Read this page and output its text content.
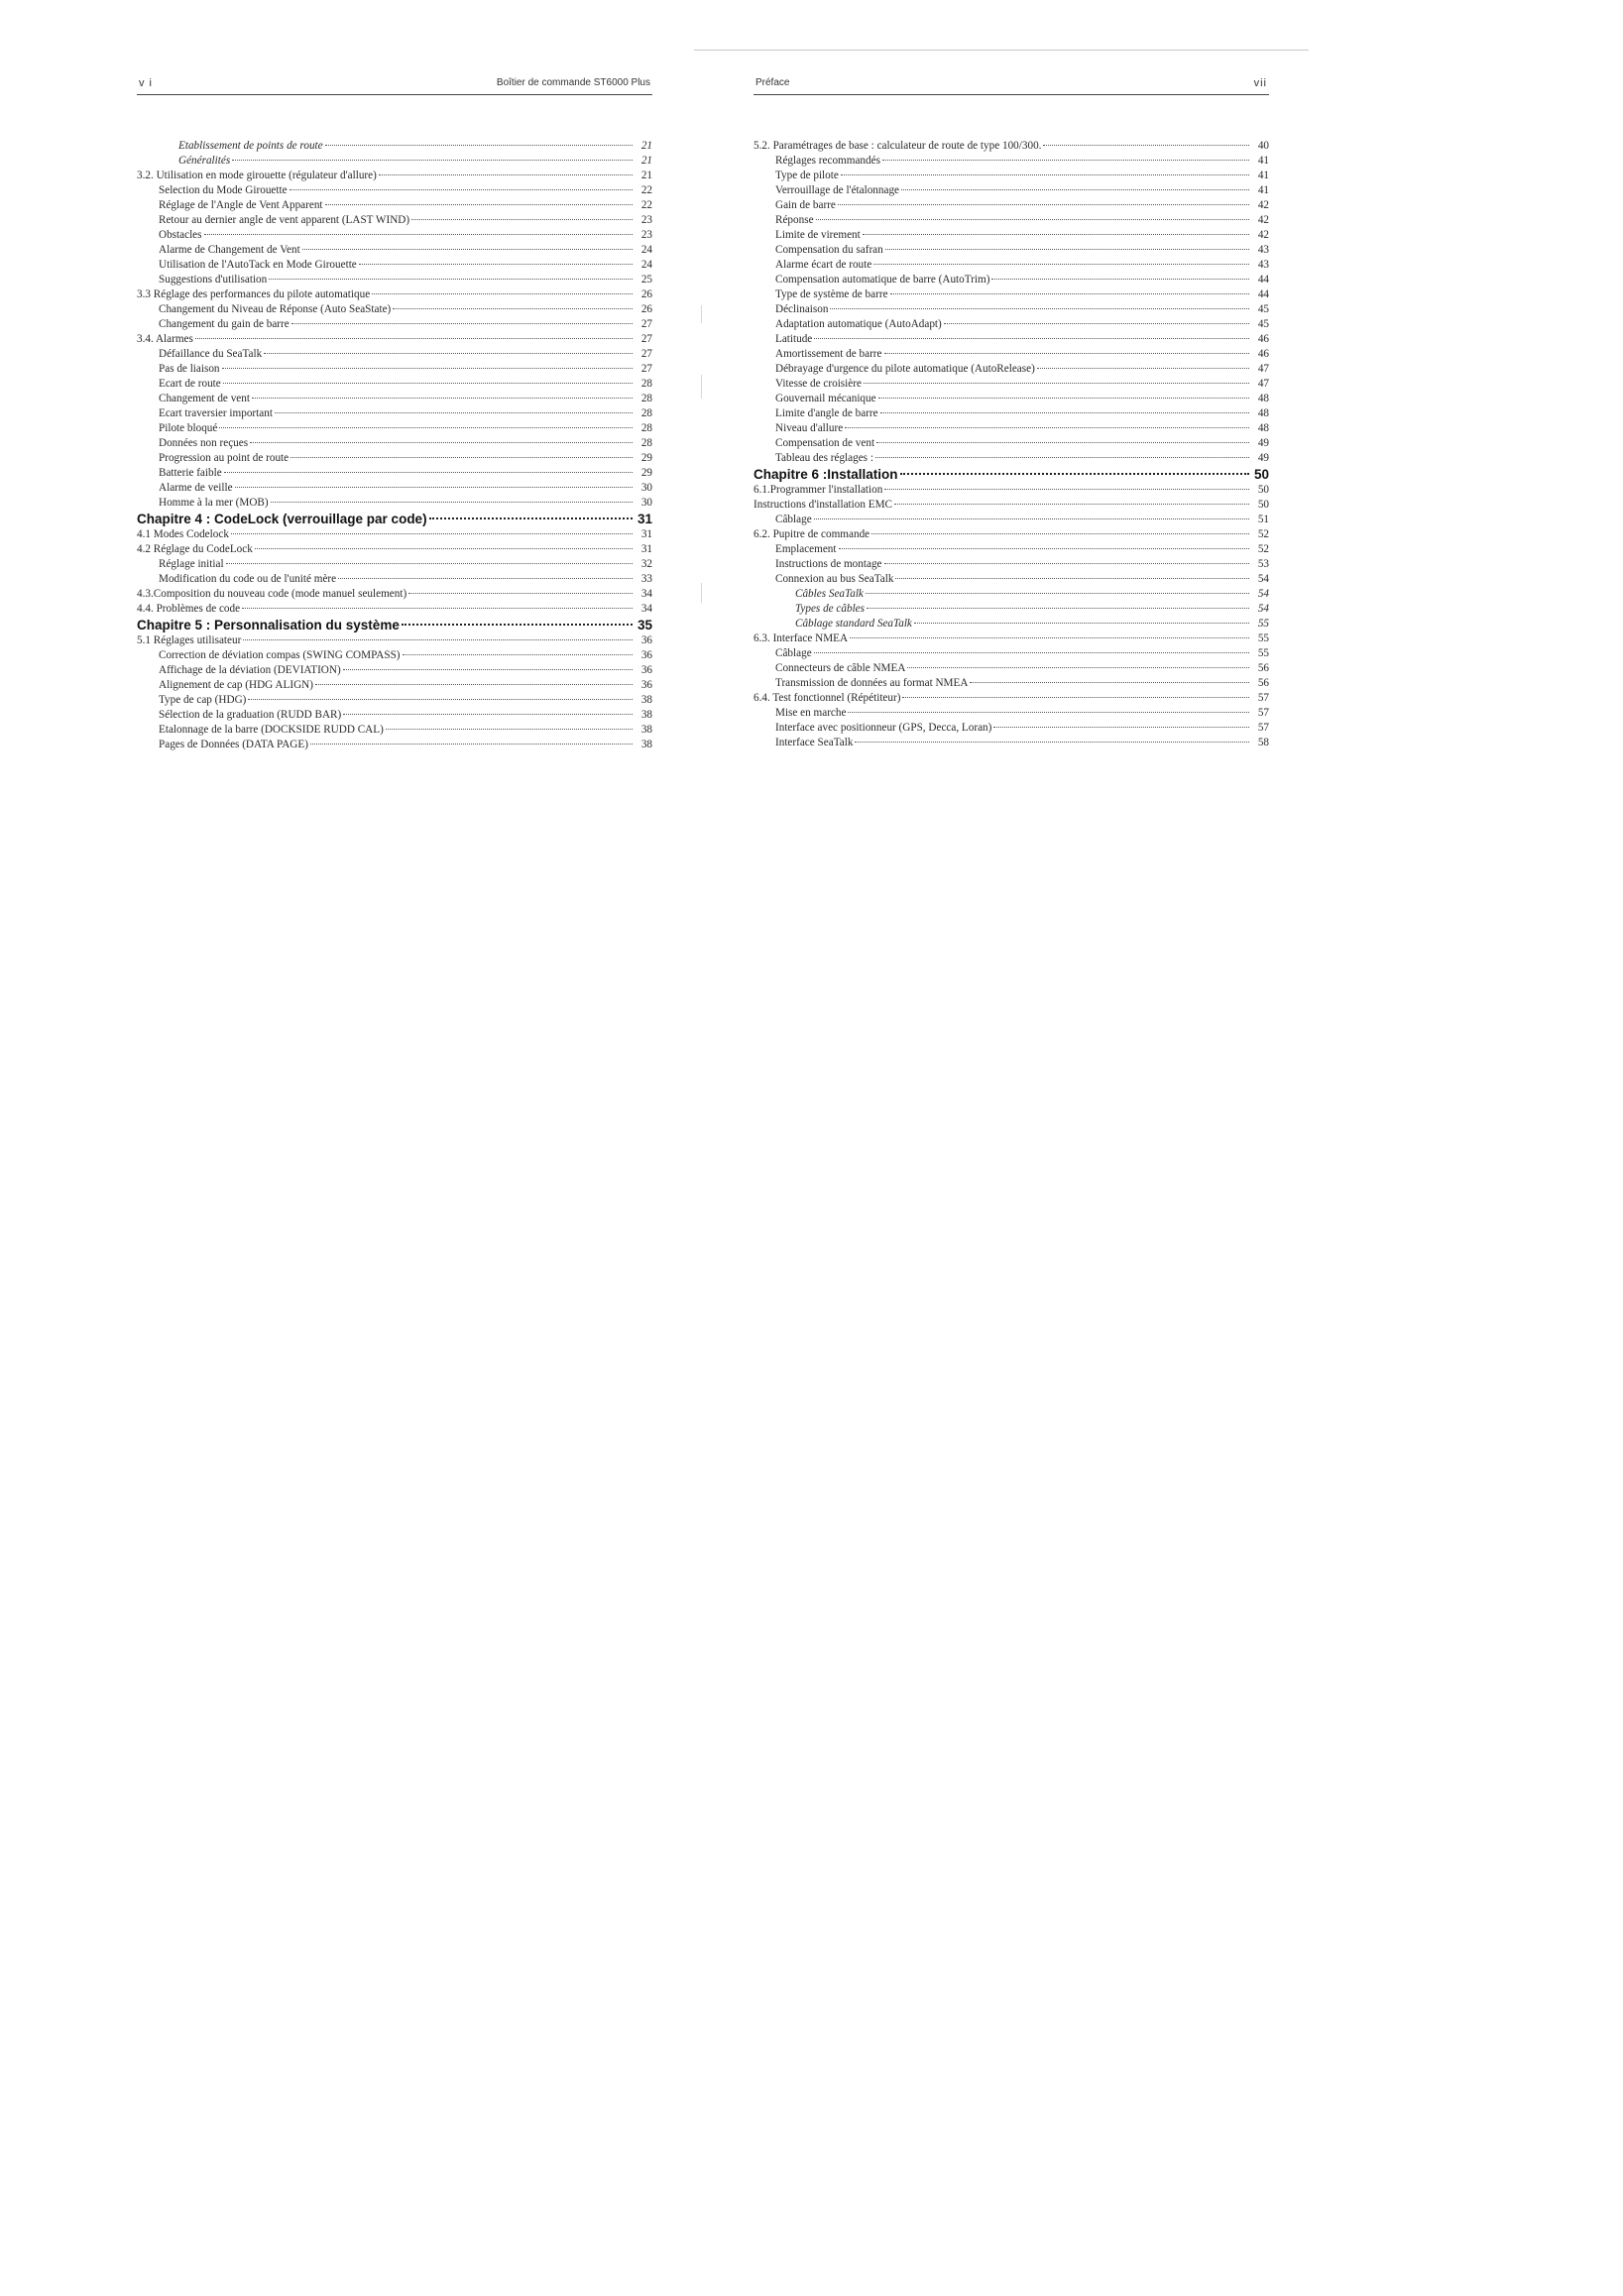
v i	Boîtier de commande ST6000 Plus
Etablissement de points de route	21
Généralités	21
3.2. Utilisation en mode girouette (régulateur d'allure)	21
Selection du Mode Girouette	22
Réglage de l'Angle de Vent Apparent	22
Retour au dernier angle de vent apparent (LAST WIND)	23
Obstacles	23
Alarme de Changement de Vent	24
Utilisation de l'AutoTack en Mode Girouette	24
Suggestions d'utilisation	25
3.3 Réglage des performances du pilote automatique	26
Changement du Niveau de Réponse (Auto SeaState)	26
Changement du gain de barre	27
3.4. Alarmes	27
Défaillance du SeaTalk	27
Pas de liaison	27
Ecart de route	28
Changement de vent	28
Ecart traversier important	28
Pilote bloqué	28
Données non reçues	28
Progression au point de route	29
Batterie faible	29
Alarme de veille	30
Homme à la mer (MOB)	30
Chapitre 4 : CodeLock (verrouillage par code)	31
4.1 Modes Codelock	31
4.2 Réglage du CodeLock	31
Réglage initial	32
Modification du code ou de l'unité mère	33
4.3.Composition du nouveau code (mode manuel seulement)	34
4.4. Problèmes de code	34
Chapitre 5 : Personnalisation du système	35
5.1 Réglages utilisateur	36
Correction de déviation compas (SWING COMPASS)	36
Affichage de la déviation (DEVIATION)	36
Alignement de cap (HDG ALIGN)	36
Type de cap (HDG)	38
Sélection de la graduation (RUDD BAR)	38
Etalonnage de la barre (DOCKSIDE RUDD CAL)	38
Pages de Données (DATA PAGE)	38
Préface	vii
5.2. Paramétrages de base : calculateur de route de type 100/300.	40
Réglages recommandés	41
Type de pilote	41
Verrouillage de l'étalonnage	41
Gain de barre	42
Réponse	42
Limite de virement	42
Compensation du safran	43
Alarme écart de route	43
Compensation automatique de barre (AutoTrim)	44
Type de système de barre	44
Déclinaison	45
Adaptation automatique (AutoAdapt)	45
Latitude	46
Amortissement de barre	46
Débrayage d'urgence du pilote automatique (AutoRelease)	47
Vitesse de croisière	47
Gouvernail mécanique	48
Limite d'angle de barre	48
Niveau d'allure	48
Compensation de vent	49
Tableau des réglages :	49
Chapitre 6 :Installation	50
6.1.Programmer l'installation	50
Instructions d'installation EMC	50
Câblage	51
6.2. Pupitre de commande	52
Emplacement	52
Instructions de montage	53
Connexion au bus SeaTalk	54
Câbles SeaTalk	54
Types de câbles	54
Câblage standard SeaTalk	55
6.3. Interface NMEA	55
Câblage	55
Connecteurs de câble NMEA	56
Transmission de données au format NMEA	56
6.4. Test fonctionnel (Répétiteur)	57
Mise en marche	57
Interface avec positionneur (GPS, Decca, Loran)	57
Interface SeaTalk	58
